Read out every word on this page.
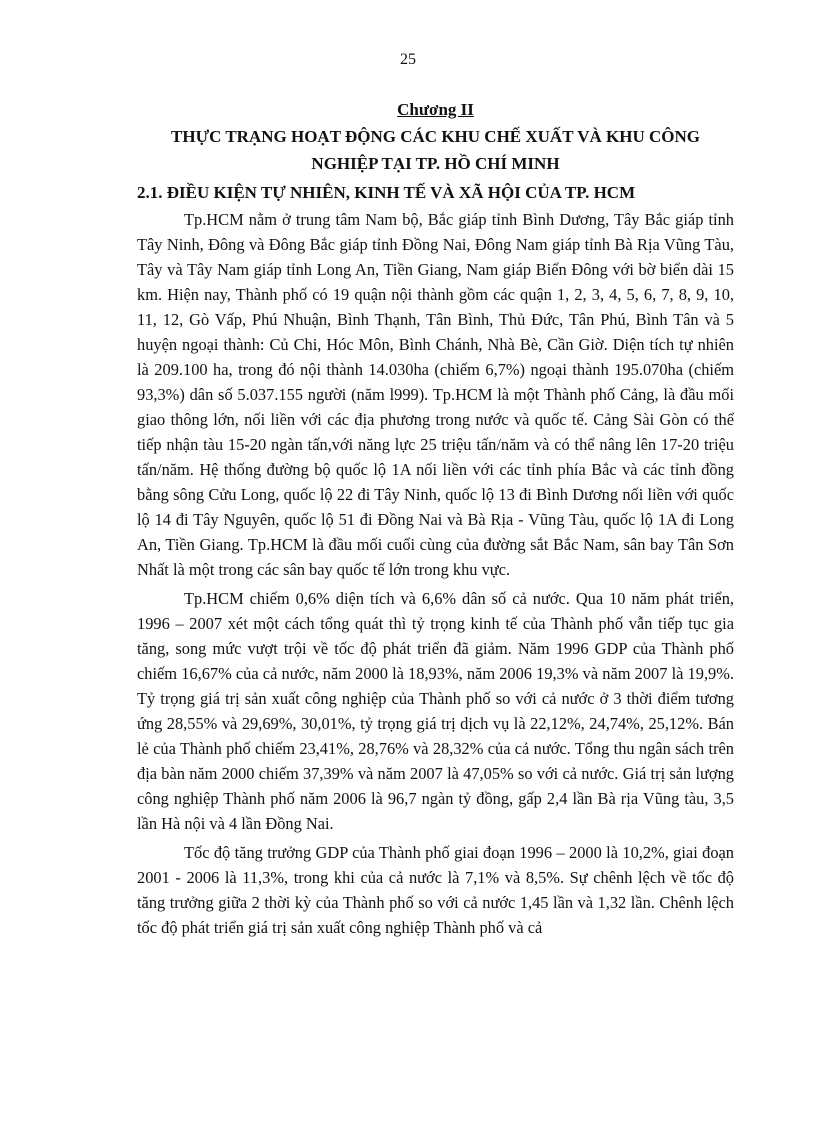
25

Chương II

THỰC TRẠNG HOẠT ĐỘNG CÁC KHU CHẾ XUẤT VÀ KHU CÔNG NGHIỆP TẠI TP. HỒ CHÍ MINH

2.1. ĐIỀU KIỆN TỰ NHIÊN, KINH TẾ VÀ XÃ HỘI CỦA TP. HCM

Tp.HCM nằm ở trung tâm Nam bộ, Bắc giáp tỉnh Bình Dương, Tây Bắc giáp tỉnh Tây Ninh, Đông và Đông Bắc giáp tỉnh Đồng Nai, Đông Nam giáp tỉnh Bà Rịa Vũng Tàu, Tây và Tây Nam giáp tỉnh Long An, Tiền Giang, Nam giáp Biển Đông với bờ biển dài 15 km. Hiện nay, Thành phố có 19 quận nội thành gồm các quận 1, 2, 3, 4, 5, 6, 7, 8, 9, 10, 11, 12, Gò Vấp, Phú Nhuận, Bình Thạnh, Tân Bình, Thủ Đức, Tân Phú, Bình Tân và 5 huyện ngoại thành: Củ Chi, Hóc Môn, Bình Chánh, Nhà Bè, Cần Giờ. Diện tích tự nhiên là 209.100 ha, trong đó nội thành 14.030ha (chiếm 6,7%) ngoại thành 195.070ha (chiếm 93,3%) dân số 5.037.155 người (năm l999). Tp.HCM là một Thành phố Cảng, là đầu mối giao thông lớn, nối liền với các địa phương trong nước và quốc tế. Cảng Sài Gòn có thể tiếp nhận tàu 15-20 ngàn tấn,với năng lực 25 triệu tấn/năm và có thể nâng lên 17-20 triệu tấn/năm. Hệ thống đường bộ quốc lộ 1A nối liền với các tỉnh phía Bắc và các tỉnh đồng bằng sông Cửu Long, quốc lộ 22 đi Tây Ninh, quốc lộ 13 đi Bình Dương nối liền với quốc lộ 14 đi Tây Nguyên, quốc lộ 51 đi Đồng Nai và Bà Rịa - Vũng Tàu, quốc lộ 1A đi Long An, Tiền Giang. Tp.HCM là đầu mối cuối cùng của đường sắt Bắc Nam, sân bay Tân Sơn Nhất là một trong các sân bay quốc tế lớn trong khu vực.

Tp.HCM chiếm 0,6% diện tích và 6,6% dân số cả nước. Qua 10 năm phát triển, 1996 – 2007 xét một cách tổng quát thì tỷ trọng kinh tế của Thành phố vẫn tiếp tục gia tăng, song mức vượt trội về tốc độ phát triển đã giảm. Năm 1996 GDP của Thành phố chiếm 16,67% của cả nước, năm 2000 là 18,93%, năm 2006 19,3% và năm 2007 là 19,9%. Tỷ trọng giá trị sản xuất công nghiệp của Thành phố so với cả nước ở 3 thời điểm tương ứng 28,55% và 29,69%, 30,01%, tỷ trọng giá trị dịch vụ là 22,12%, 24,74%, 25,12%. Bán lẻ của Thành phố chiếm 23,41%, 28,76% và 28,32% của cả nước. Tổng thu ngân sách trên địa bàn năm 2000 chiếm 37,39% và năm 2007 là 47,05% so với cả nước. Giá trị sản lượng công nghiệp Thành phố năm 2006 là 96,7 ngàn tỷ đồng, gấp 2,4 lần Bà rịa Vũng tàu, 3,5 lần Hà nội và 4 lần Đồng Nai.

Tốc độ tăng trưởng GDP của Thành phố giai đoạn 1996 – 2000 là 10,2%, giai đoạn 2001 - 2006 là 11,3%, trong khi của cả nước là 7,1% và 8,5%. Sự chênh lệch về tốc độ tăng trưởng giữa 2 thời kỳ của Thành phố so với cả nước 1,45 lần và 1,32 lần. Chênh lệch tốc độ phát triển giá trị sản xuất công nghiệp Thành phố và cả
